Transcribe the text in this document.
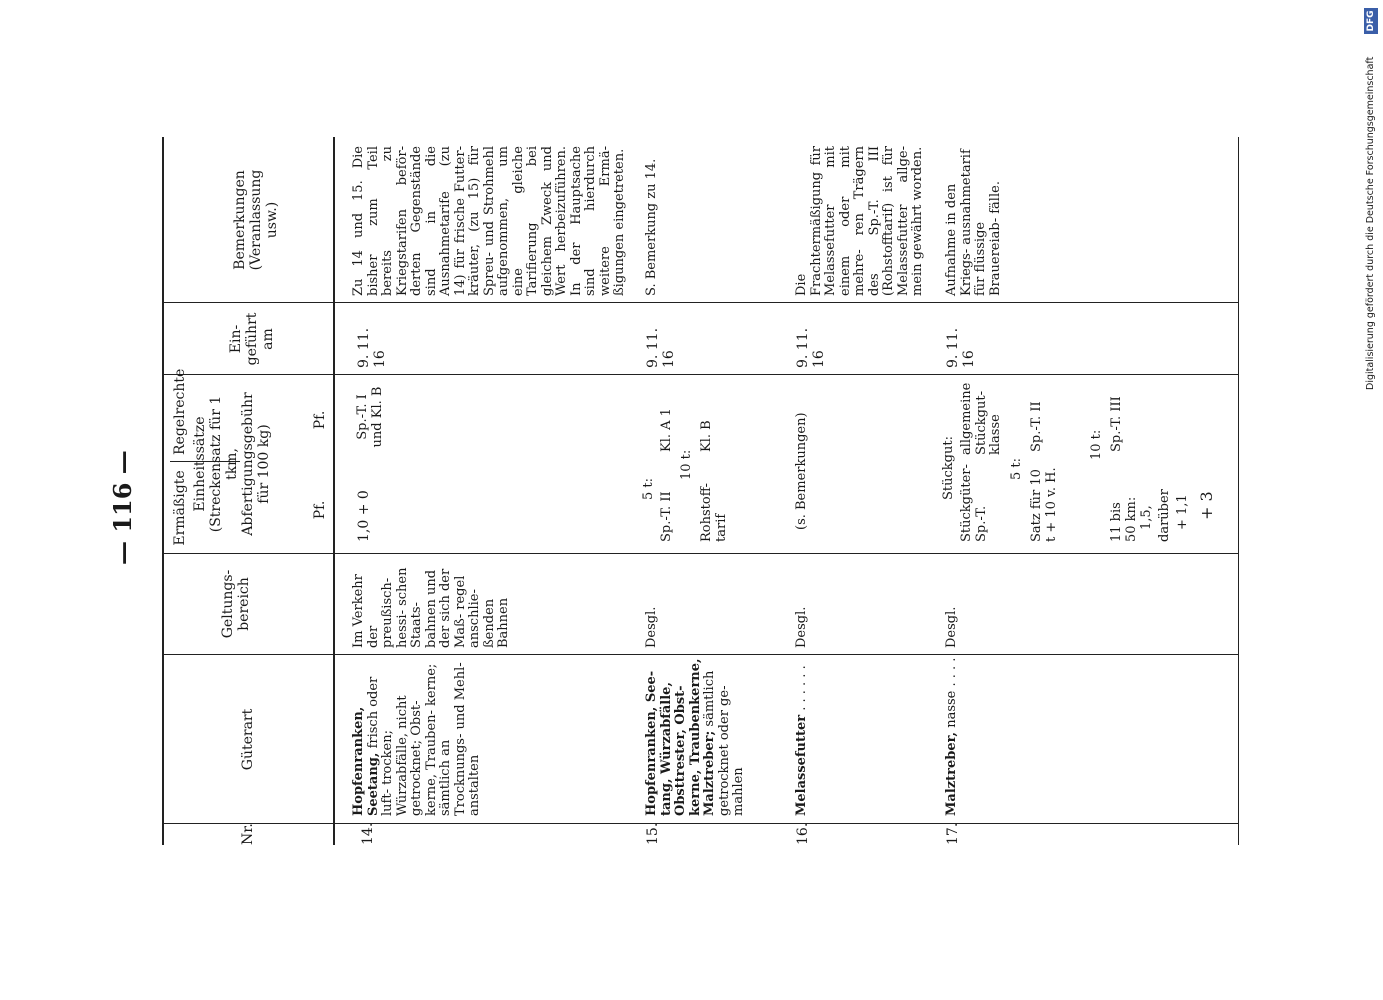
— 116 —
Nr.
Güterart
Geltungs- bereich
Ermäßigte
Regelrechte
Einheitssätze (Streckensatz für 1 tkm, Abfertigungsgebühr für 100 kg)
Pf.
Pf.
Ein- geführt am
Bemerkungen (Veranlassung usw.)
14.
Hopfenranken, Seetang, frisch oder luft- trocken; Würzabfälle, nicht getrocknet; Obst- kerne, Trauben- kerne; sämtlich an Trocknungs- und Mehl- anstalten
Im Verkehr der preußisch-hessi- schen Staats- bahnen und der sich der Maß- regel anschlie- ßenden Bahnen
1,0 + 0
Sp.-T. I und Kl. B
9. 11. 16
Zu 14 und 15. Die bisher zum Teil bereits zu Kriegstarifen beför- derten Gegenstände sind in die Ausnahmetarife (zu 14) für frische Futter- kräuter, (zu 15) für Spreu- und Strohmehl aufgenommen, um eine gleiche Tarifierung bei gleichem Zweck und Wert herbeizuführen. In der Hauptsache sind hierdurch weitere Ermä- ßigungen eingetreten.
15.
Hopfenranken, See- tang, Würzabfälle, Obsttrester, Obst- kerne, Traubenkerne, Malztreber; sämtlich getrocknet oder ge- mahlen
Desgl.
5 t:
Sp.-T. II
10 t:
Rohstoff- tarif
Kl. A 1 Kl. B
9. 11. 16
S. Bemerkung zu 14.
16.
Melassefutter . . . . . .
Desgl.
(s. Bemerkungen)
9. 11. 16
Die Frachtermäßigung für Melassefutter mit einem oder mit mehre- ren Trägern des Sp.-T. III (Rohstofftarif) ist für Melassefutter allge- mein gewährt worden.
17.
Malztreber, nasse . . . .
Desgl.
Stückgut: Stückgüter- Sp.-T.
allgemeine Stückgut- klasse
5 t:
Satz für 10 t + 10 v. H.
Sp.-T. II	10 t:
11 bis 50 km: 1,5, darüber + 1,1 + 3
Sp.-T. III
9. 11. 16
Aufnahme in den Kriegs- ausnahmetarif für flüssige Brauereiab- fälle.	Digitalisierung gefördert durch die Deutsche Forschungsgemeinschaft
DFG
